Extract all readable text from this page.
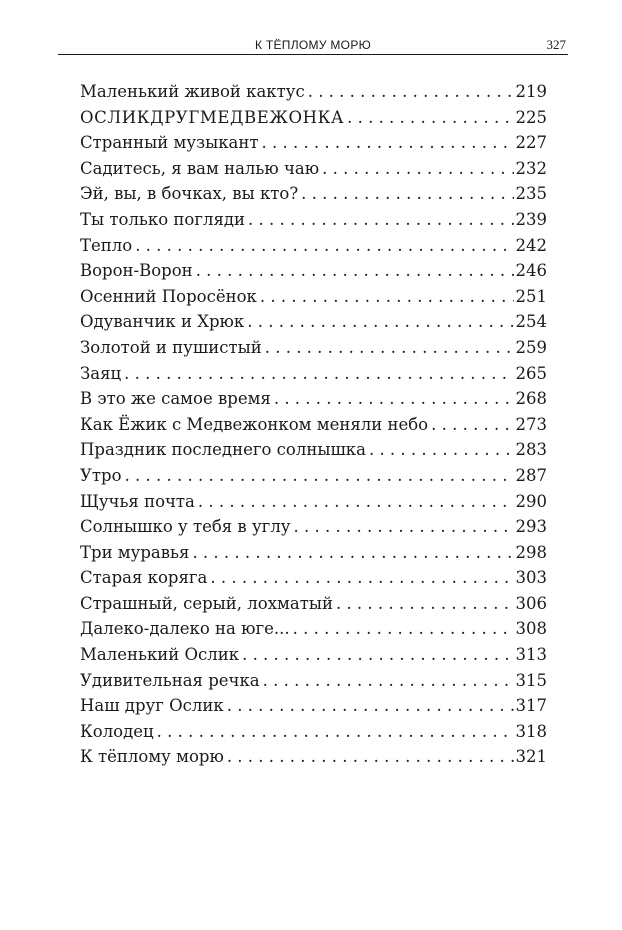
К ТЁПЛОМУ МОРЮ	327
Маленький живой кактус . . .	219
ОСЛИКДРУГМЕДВЕЖОНКА . . .	225
Странный музыкант . . .	227
Садитесь, я вам налью чаю . . .	232
Эй, вы, в бочках, вы кто? . . .	235
Ты только погляди . . .	239
Тепло . . .	242
Ворон-Ворон . . .	246
Осенний Поросёнок . . .	251
Одуванчик и Хрюк . . .	254
Золотой и пушистый . . .	259
Заяц . . .	265
В это же самое время . . .	268
Как Ёжик с Медвежонком меняли небо . . .	273
Праздник последнего солнышка . . .	283
Утро . . .	287
Щучья почта . . .	290
Солнышко у тебя в углу . . .	293
Три муравья . . .	298
Старая коряга . . .	303
Страшный, серый, лохматый . . .	306
Далеко-далеко на юге... . . .	308
Маленький Ослик . . .	313
Удивительная речка . . .	315
Наш друг Ослик . . .	317
Колодец . . .	318
К тёплому морю . . .	321
